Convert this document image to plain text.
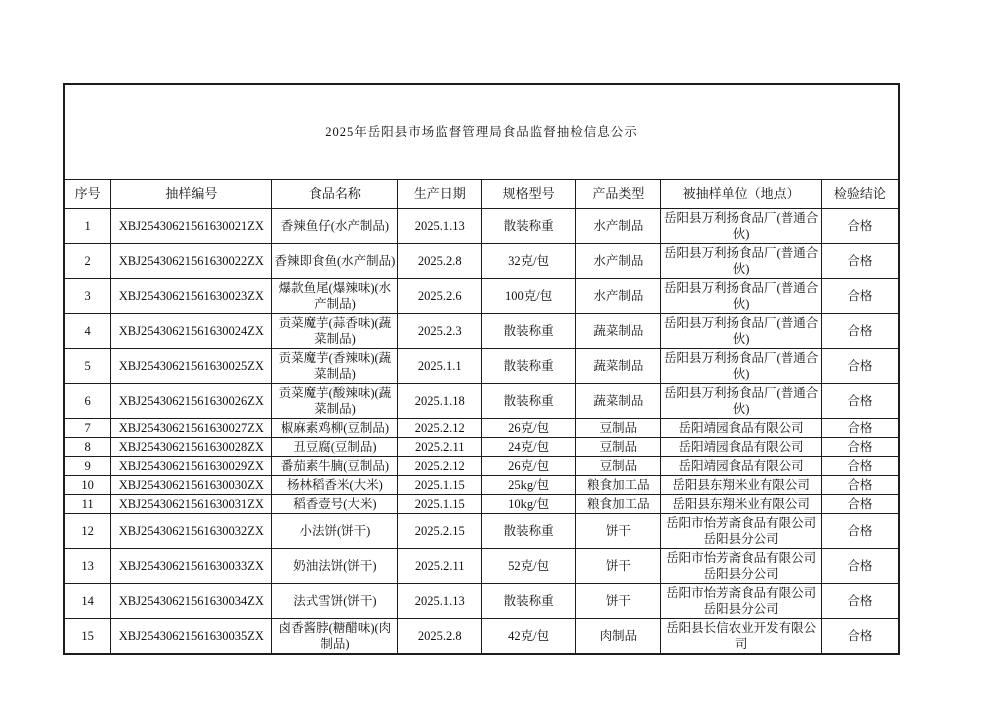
2025年岳阳县市场监督管理局食品监督抽检信息公示							
序号	抽样编号	食品名称	生产日期	规格型号	产品类型	被抽样单位（地点）	检验结论
1	XBJ25430621561630021ZX	香辣鱼仔(水产制品)	2025.1.13	散装称重	水产制品	岳阳县万利扬食品厂(普通合伙)	合格
2	XBJ25430621561630022ZX	香辣即食鱼(水产制品)	2025.2.8	32克/包	水产制品	岳阳县万利扬食品厂(普通合伙)	合格
3	XBJ25430621561630023ZX	爆款鱼尾(爆辣味)(水产制品)	2025.2.6	100克/包	水产制品	岳阳县万利扬食品厂(普通合伙)	合格
4	XBJ25430621561630024ZX	贡菜魔芋(蒜香味)(蔬菜制品)	2025.2.3	散装称重	蔬菜制品	岳阳县万利扬食品厂(普通合伙)	合格
5	XBJ25430621561630025ZX	贡菜魔芋(香辣味)(蔬菜制品)	2025.1.1	散装称重	蔬菜制品	岳阳县万利扬食品厂(普通合伙)	合格
6	XBJ25430621561630026ZX	贡菜魔芋(酸辣味)(蔬菜制品)	2025.1.18	散装称重	蔬菜制品	岳阳县万利扬食品厂(普通合伙)	合格
7	XBJ25430621561630027ZX	椒麻素鸡柳(豆制品)	2025.2.12	26克/包	豆制品	岳阳靖园食品有限公司	合格
8	XBJ25430621561630028ZX	丑豆腐(豆制品)	2025.2.11	24克/包	豆制品	岳阳靖园食品有限公司	合格
9	XBJ25430621561630029ZX	番茄素牛腩(豆制品)	2025.2.12	26克/包	豆制品	岳阳靖园食品有限公司	合格
10	XBJ25430621561630030ZX	杨林稻香米(大米)	2025.1.15	25kg/包	粮食加工品	岳阳县东翔米业有限公司	合格
11	XBJ25430621561630031ZX	稻香壹号(大米)	2025.1.15	10kg/包	粮食加工品	岳阳县东翔米业有限公司	合格
12	XBJ25430621561630032ZX	小法饼(饼干)	2025.2.15	散装称重	饼干	岳阳市怡芳斋食品有限公司岳阳县分公司	合格
13	XBJ25430621561630033ZX	奶油法饼(饼干)	2025.2.11	52克/包	饼干	岳阳市怡芳斋食品有限公司岳阳县分公司	合格
14	XBJ25430621561630034ZX	法式雪饼(饼干)	2025.1.13	散装称重	饼干	岳阳市怡芳斋食品有限公司岳阳县分公司	合格
15	XBJ25430621561630035ZX	卤香酱脖(糖醋味)(肉制品)	2025.2.8	42克/包	肉制品	岳阳县长信农业开发有限公司	合格
